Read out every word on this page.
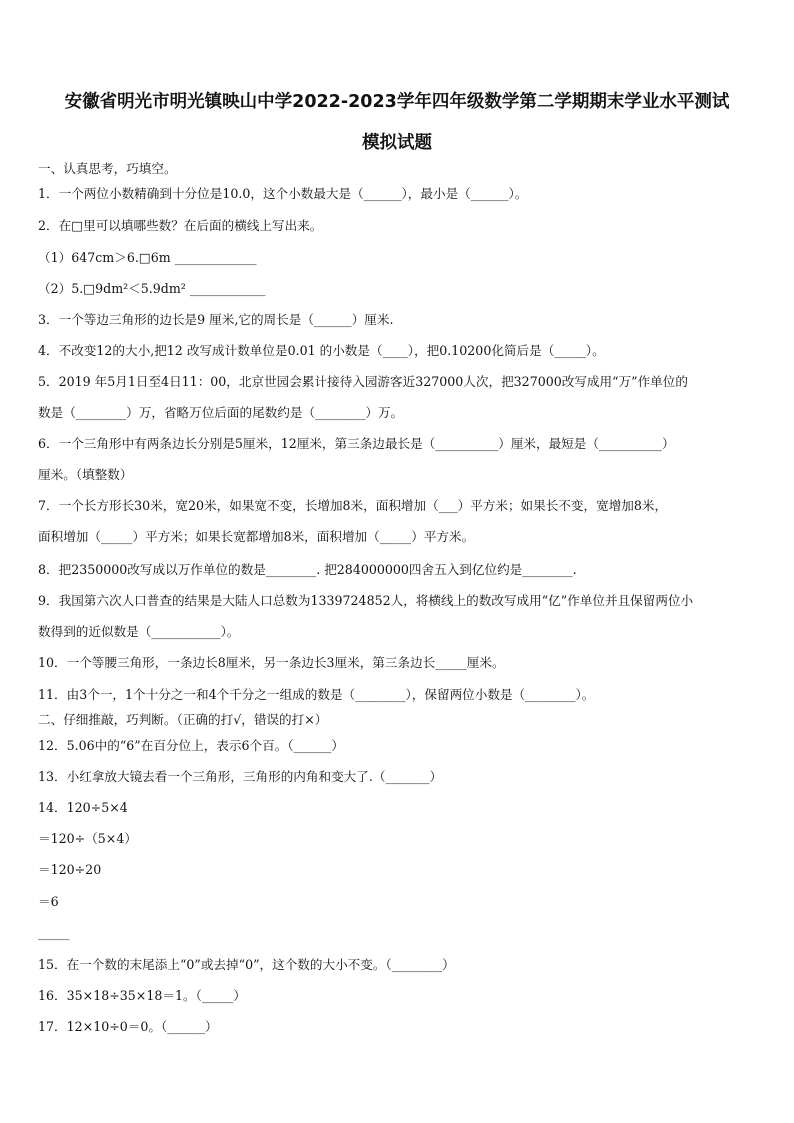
安徽省明光市明光镇映山中学2022-2023学年四年级数学第二学期期末学业水平测试
模拟试题
一、认真思考，巧填空。
1．一个两位小数精确到十分位是10.0，这个小数最大是（______），最小是（______）。
2．在□里可以填哪些数？在后面的横线上写出来。
（1）647cm＞6.□6m _____________
（2）5.□9dm²＜5.9dm² ____________
3．一个等边三角形的边长是9 厘米,它的周长是（______）厘米.
4．不改变12的大小,把12 改写成计数单位是0.01 的小数是（____），把0.10200化简后是（_____）。
5．2019 年5月1日至4日11：00，北京世园会累计接待入园游客近327000人次，把327000改写成用“万”作单位的
数是（________）万，省略万位后面的尾数约是（________）万。
6．一个三角形中有两条边长分别是5厘米，12厘米，第三条边最长是（__________）厘米，最短是（__________）
厘米。（填整数）
7．一个长方形长30米，宽20米，如果宽不变，长增加8米，面积增加（___）平方米；如果长不变，宽增加8米，
面积增加（_____）平方米；如果长宽都增加8米，面积增加（_____）平方米。
8．把2350000改写成以万作单位的数是________. 把284000000四舍五入到亿位约是________.
9．我国第六次人口普查的结果是大陆人口总数为1339724852人，将横线上的数改写成用“亿”作单位并且保留两位小
数得到的近似数是（___________）。
10．一个等腰三角形，一条边长8厘米，另一条边长3厘米，第三条边长_____厘米。
11．由3个一，1个十分之一和4个千分之一组成的数是（________），保留两位小数是（________）。
二、仔细推敲，巧判断。（正确的打√，错误的打×）
12．5.06中的“6”在百分位上，表示6个百。（______）
13．小红拿放大镜去看一个三角形，三角形的内角和变大了.（_______）
14．120÷5×4
＝120÷（5×4）
＝120÷20
＝6
_____
15．在一个数的末尾添上“0”或去掉“0”，这个数的大小不变。（________）
16．35×18÷35×18＝1。（_____）
17．12×10÷0＝0。（______）
